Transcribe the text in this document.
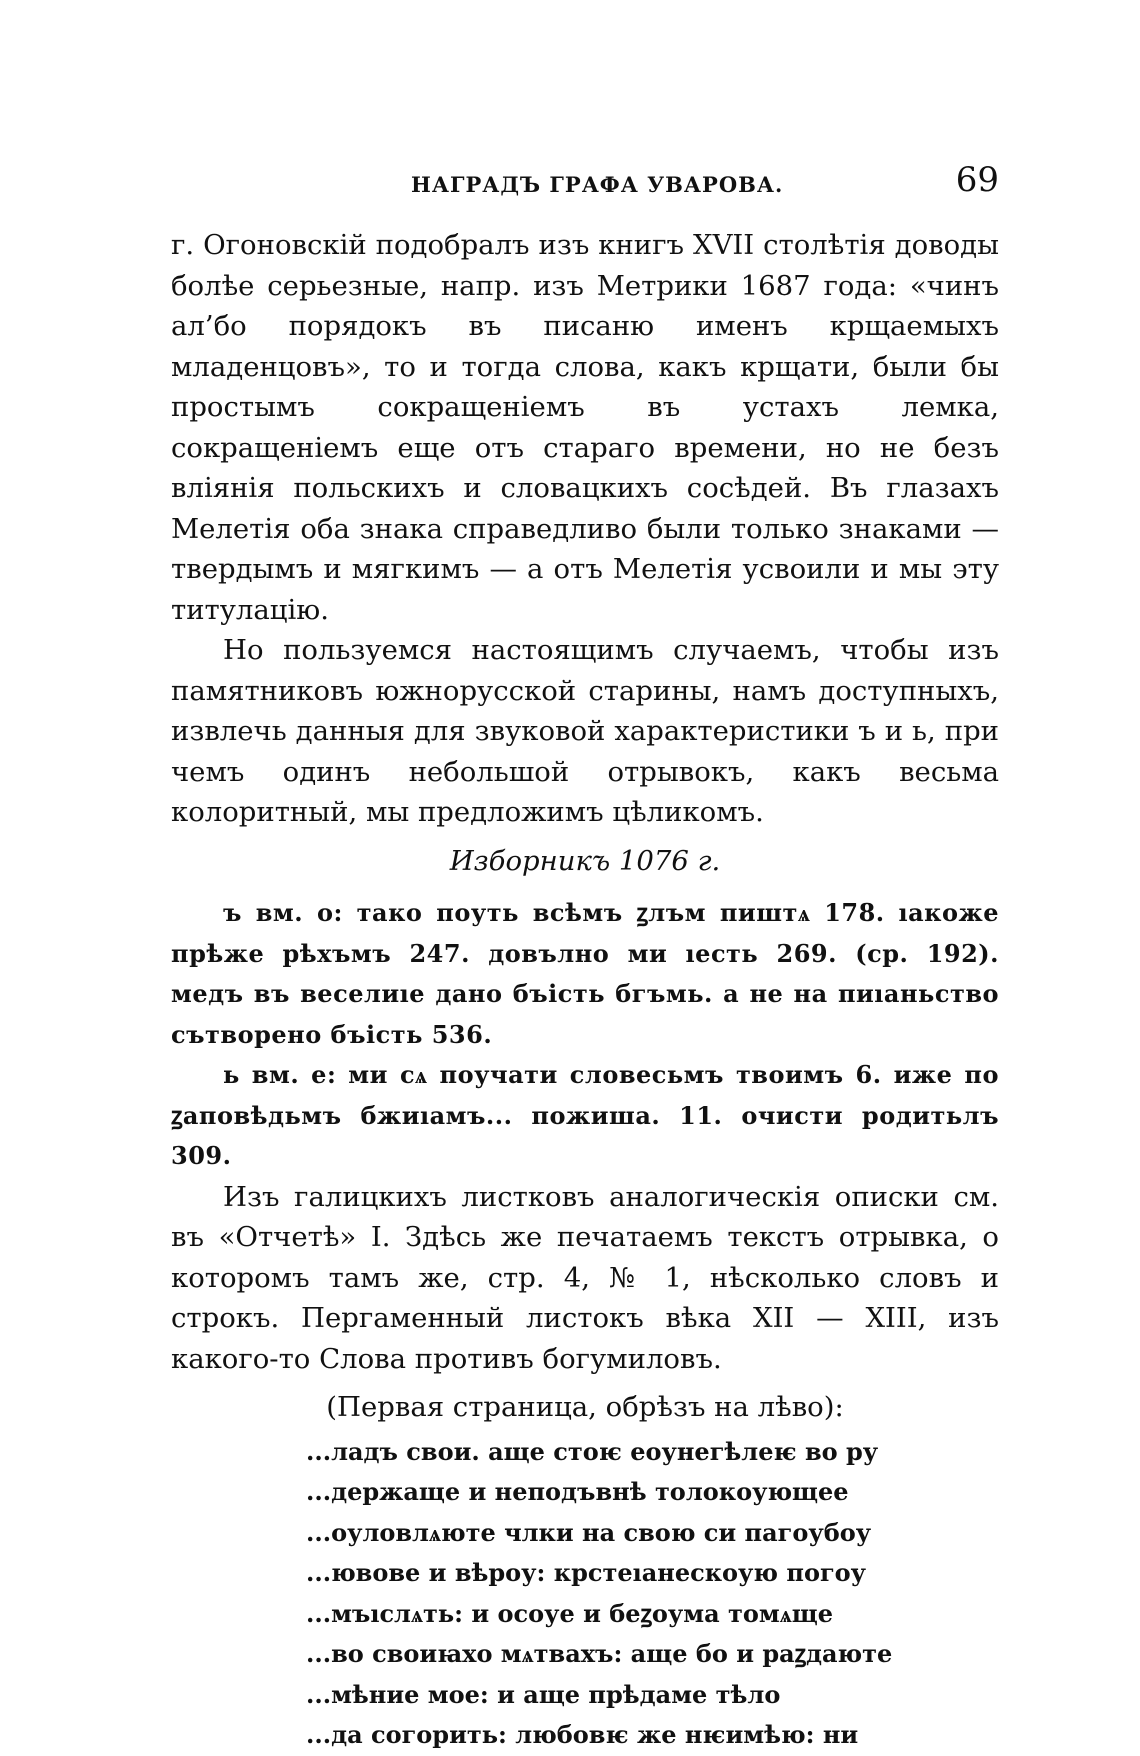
НАГРАДЪ ГРАФА УВАРОВА.	69

г. Огоновскій подобралъ изъ книгъ XVII столѣтія доводы болѣе серьезные, напр. изъ Метрики 1687 года: «чинъ ал’бо порядокъ въ писаню именъ крщаемыхъ младенцовъ», то и тогда слова, какъ крщати, были бы простымъ сокращеніемъ въ устахъ лемка, сокращеніемъ еще отъ стараго времени, но не безъ вліянія польскихъ и словацкихъ сосѣдей. Въ глазахъ Мелетія оба знака справедливо были только знаками — твердымъ и мягкимъ — а отъ Мелетія усвоили и мы эту титулацію.

Но пользуемся настоящимъ случаемъ, чтобы изъ памятниковъ южнорусской старины, намъ доступныхъ, извлечь данныя для звуковой характеристики ъ и ь, при чемъ одинъ небольшой отрывокъ, какъ весьма колоритный, мы предложимъ цѣликомъ.

Изборникъ 1076 г.

ъ вм. о: тако поуть всѣмъ ꙁлъм пиштѧ 178. ıакоже прѣже рѣхъмъ 247. довълно ми ıесть 269. (ср. 192). медъ въ веселиıе дано бъість бгъмь. а не на пиıаньство сътворено бъість 536.

ь вм. е: ми сѧ поучати словесьмъ твоимъ 6. иже по ꙁаповѣдьмъ бжиıамъ... пожиша. 11. очисти родитьлъ 309.

Изъ галицкихъ листковъ аналогическія описки см. въ «Отчетѣ» I. Здѣсь же печатаемъ текстъ отрывка, о которомъ тамъ же, стр. 4, № 1, нѣсколько словъ и строкъ. Пергаменный листокъ вѣка XII — XIII, изъ какого-то Слова противъ богумиловъ.

(Первая страница, обрѣзъ на лѣво):

...ладъ свои. аще стоѥ еоунегѣлеѥ во ру
...держаще и неподъвнѣ толокоующее
...оуловлѧюте члки на свою си пагоубоу
...ювове и вѣроу: крстеıанескоую погоу
...мъıслѧть: и осоуе и беꙁоума томѧще
...во своиꙗхо мѧтвахъ: аще бо и раꙁдаюте
...мѣние мое: и аще прѣдаме тѣло
...да согорить: любовѥ же нѥимѣю: ни
